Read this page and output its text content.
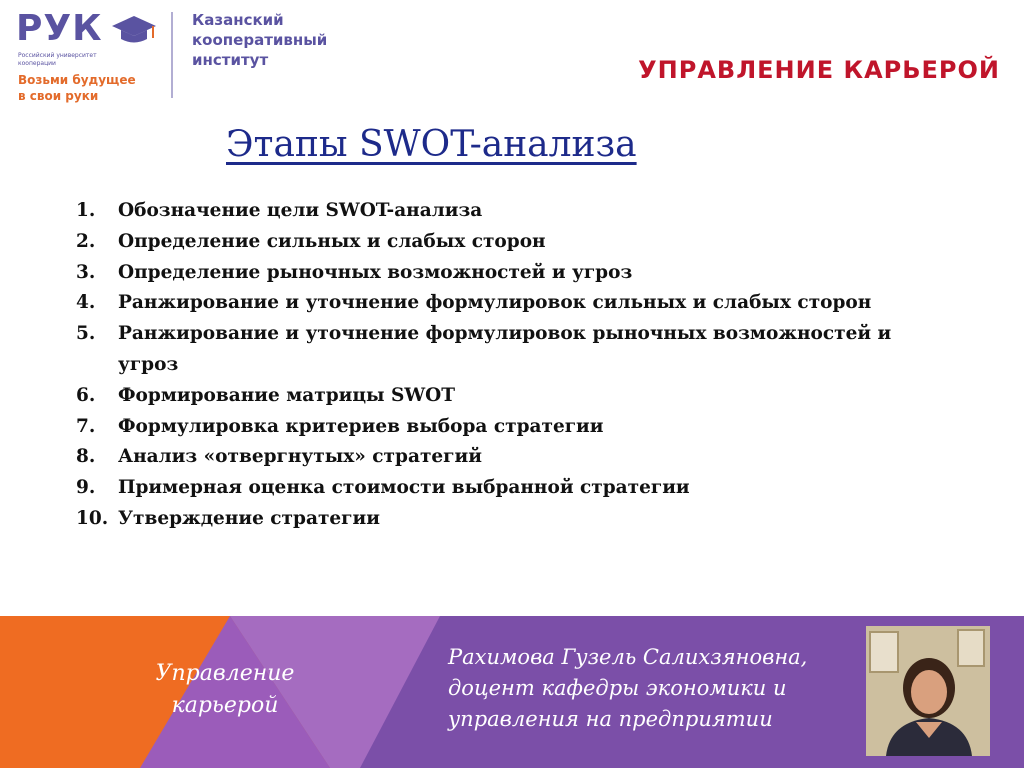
РУК
Российский университет кооперации
Возьми будущее
в свои руки
Казанский
кооперативный
институт	УПРАВЛЕНИЕ КАРЬЕРОЙ
Этапы SWOT-анализа
1.	Обозначение цели SWOT-анализа
2.	Определение сильных и слабых сторон
3.	Определение рыночных возможностей и угроз
4.	Ранжирование и уточнение формулировок сильных и слабых сторон
5.	Ранжирование и уточнение формулировок рыночных возможностей и угроз
6.	Формирование матрицы SWOT
7.	Формулировка критериев выбора стратегии
8.	Анализ «отвергнутых» стратегий
9.	Примерная оценка стоимости выбранной стратегии
10. Утверждение стратегии
Управление
карьерой
Рахимова Гузель Салихзяновна,
доцент кафедры экономики и
управления на предприятии
